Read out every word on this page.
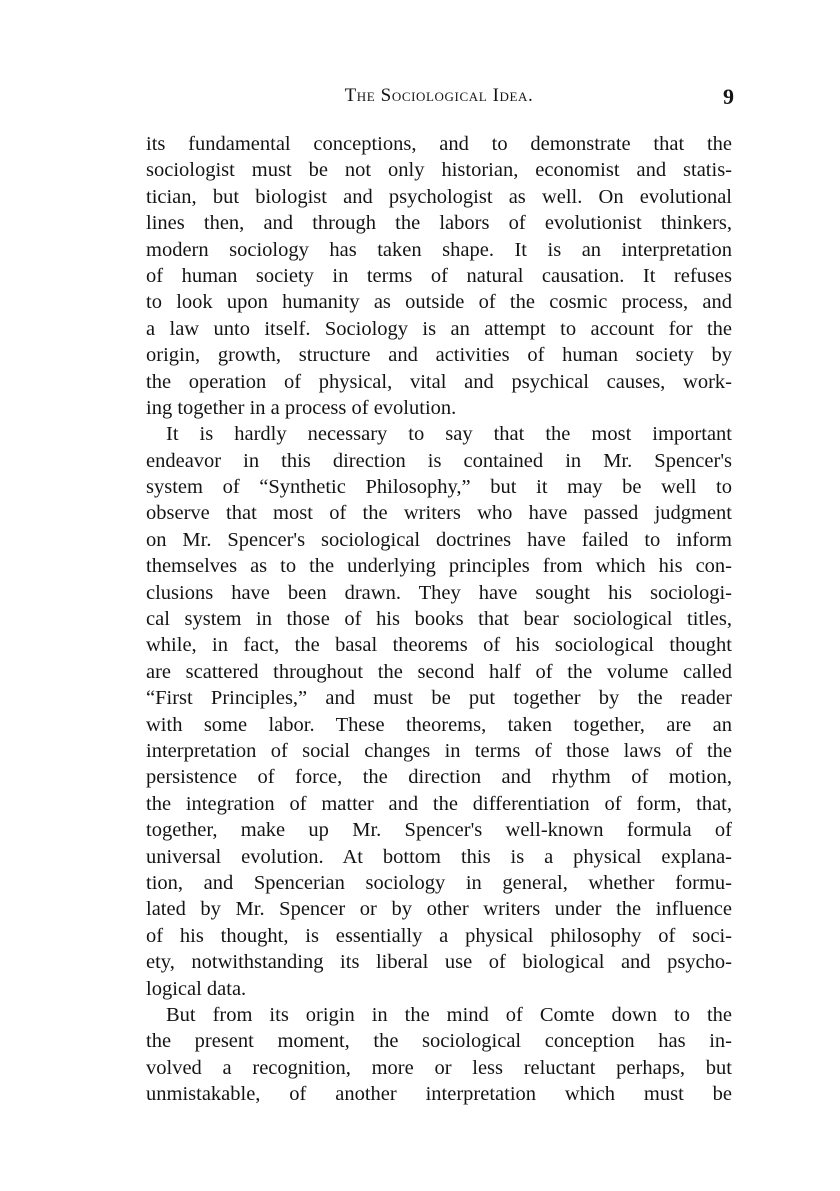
The Sociological Idea.	9
its fundamental conceptions, and to demonstrate that the
sociologist must be not only historian, economist and statis-
tician, but biologist and psychologist as well. On evolutional
lines then, and through the labors of evolutionist thinkers,
modern sociology has taken shape. It is an interpretation
of human society in terms of natural causation. It refuses
to look upon humanity as outside of the cosmic process, and
a law unto itself. Sociology is an attempt to account for the
origin, growth, structure and activities of human society by
the operation of physical, vital and psychical causes, work-
ing together in a process of evolution.
It is hardly necessary to say that the most important
endeavor in this direction is contained in Mr. Spencer's
system of “Synthetic Philosophy,” but it may be well to
observe that most of the writers who have passed judgment
on Mr. Spencer's sociological doctrines have failed to inform
themselves as to the underlying principles from which his con-
clusions have been drawn. They have sought his sociologi-
cal system in those of his books that bear sociological titles,
while, in fact, the basal theorems of his sociological thought
are scattered throughout the second half of the volume called
“First Principles,” and must be put together by the reader
with some labor. These theorems, taken together, are an
interpretation of social changes in terms of those laws of the
persistence of force, the direction and rhythm of motion,
the integration of matter and the differentiation of form, that,
together, make up Mr. Spencer's well-known formula of
universal evolution. At bottom this is a physical explana-
tion, and Spencerian sociology in general, whether formu-
lated by Mr. Spencer or by other writers under the influence
of his thought, is essentially a physical philosophy of soci-
ety, notwithstanding its liberal use of biological and psycho-
logical data.
But from its origin in the mind of Comte down to the
the present moment, the sociological conception has in-
volved a recognition, more or less reluctant perhaps, but
unmistakable, of another interpretation which must be
